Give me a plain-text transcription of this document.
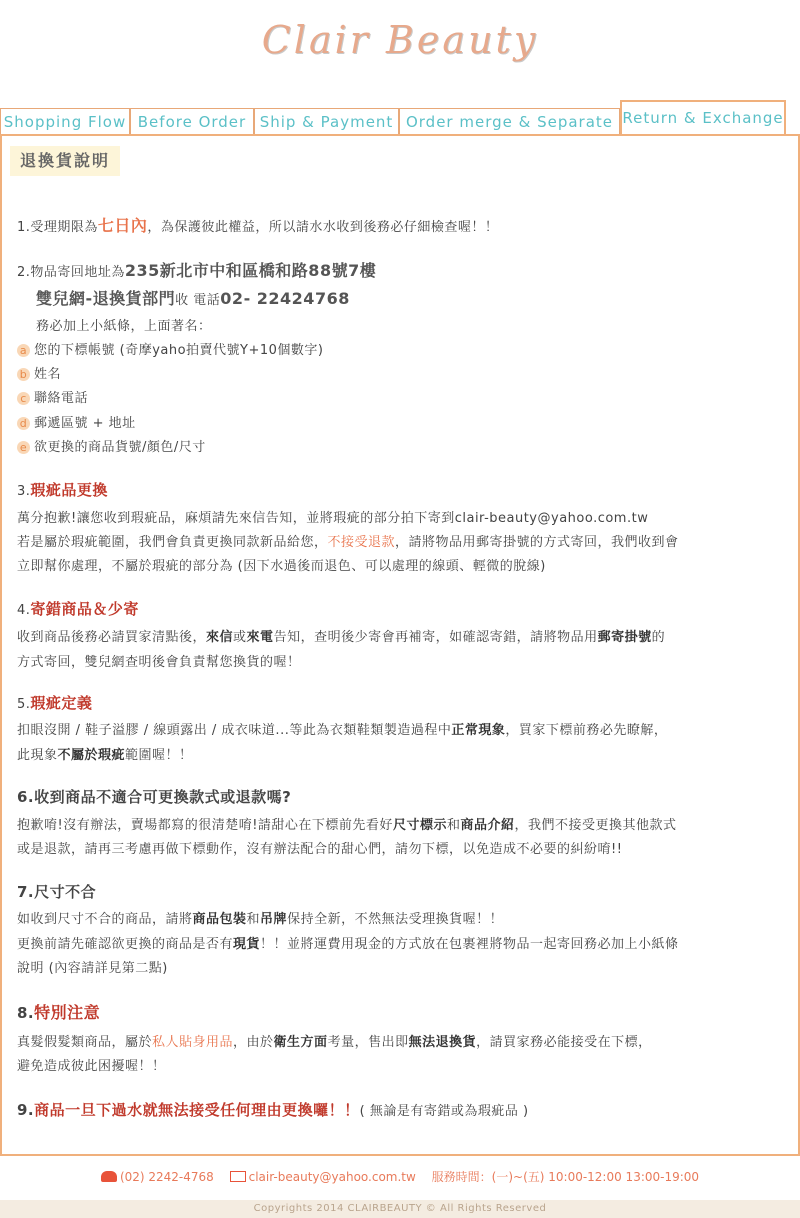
Clair Beauty
Shopping Flow Before Order Ship & Payment Order merge & Separate Return & Exchange
退換貨說明
1.受理期限為七日內，為保護彼此權益，所以請水水收到後務必仔細檢查喔！！
2.物品寄回地址為235新北市中和區橋和路88號7樓
雙兒網-退換貨部門收 電話02- 22424768
務必加上小紙條，上面著名：
a 您的下標帳號 (奇摩yaho拍賣代號Y+10個數字)
b 姓名
c 聯絡電話
d 郵遞區號 + 地址
e 欲更換的商品貨號/顏色/尺寸
3.瑕疵品更換
萬分抱歉!讓您收到瑕疵品，麻煩請先來信告知，並將瑕疵的部分拍下寄到clair-beauty@yahoo.com.tw
若是屬於瑕疵範圍，我們會負責更換同款新品給您，不接受退款，請將物品用郵寄掛號的方式寄回，我們收到會
立即幫你處理，不屬於瑕疵的部分為 (因下水過後而退色、可以處理的線頭、輕微的脫線)
4.寄錯商品＆少寄
收到商品後務必請買家清點後，來信或來電告知，查明後少寄會再補寄，如確認寄錯，請將物品用郵寄掛號的
方式寄回，雙兒網查明後會負責幫您換貨的喔！
5.瑕疵定義
扣眼沒開 / 鞋子溢膠 / 線頭露出 / 成衣味道...等此為衣類鞋類製造過程中正常現象，買家下標前務必先瞭解，
此現象不屬於瑕疵範圍喔！！
6.收到商品不適合可更換款式或退款嗎?
抱歉唷!沒有辦法，賣場都寫的很清楚唷!請甜心在下標前先看好尺寸標示和商品介紹，我們不接受更換其他款式
或是退款，請再三考慮再做下標動作，沒有辦法配合的甜心們，請勿下標，以免造成不必要的糾紛唷!!
7.尺寸不合
如收到尺寸不合的商品，請將商品包裝和吊牌保持全新，不然無法受理換貨喔！！
更換前請先確認欲更換的商品是否有現貨！！並將運費用現金的方式放在包裹裡將物品一起寄回務必加上小紙條
說明 (內容請詳見第二點)
8.特別注意
真髮假髮類商品，屬於私人貼身用品，由於衛生方面考量，售出即無法退換貨，請買家務必能接受在下標，
避免造成彼此困擾喔！！
9.商品一旦下過水就無法接受任何理由更換囉！！( 無論是有寄錯或為瑕疵品 )
(02) 2242-4768	clair-beauty@yahoo.com.tw 服務時間：(一)~(五) 10:00-12:00 13:00-19:00
Copyrights 2014 CLAIRBEAUTY © All Rights Reserved
